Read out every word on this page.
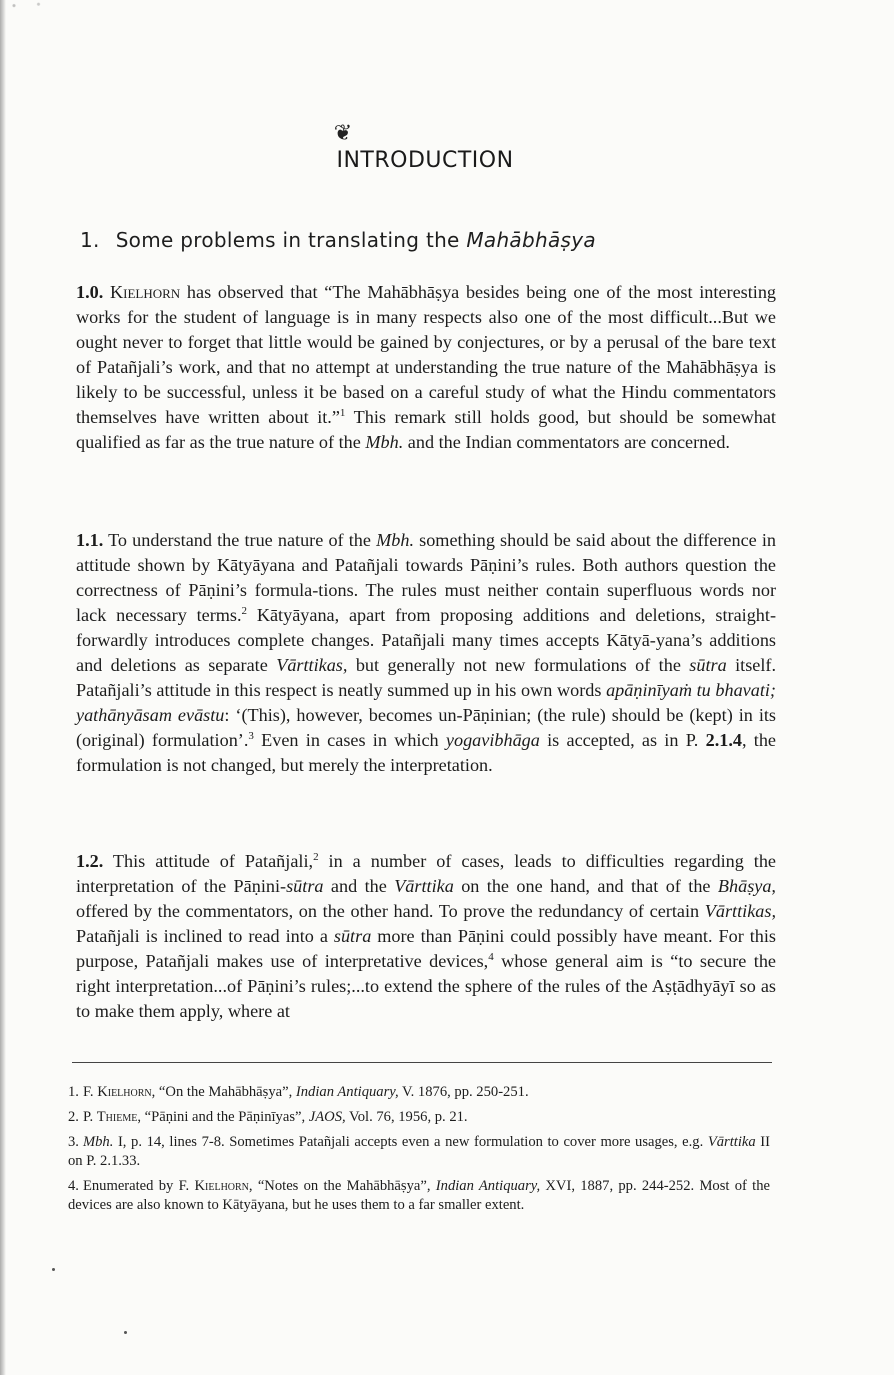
❦
INTRODUCTION
1. Some problems in translating the Mahābhāṣya

1.0. Kielhorn has observed that “The Mahābhāṣya besides being one of the most interesting works for the student of language is in many respects also one of the most difficult...But we ought never to forget that little would be gained by conjectures, or by a perusal of the bare text of Patañjali’s work, and that no attempt at understanding the true nature of the Mahābhāṣya is likely to be successful, unless it be based on a careful study of what the Hindu commentators themselves have written about it.”$^1$ This remark still holds good, but should be somewhat qualified as far as the true nature of the Mbh. and the Indian commentators are concerned.

1.1. To understand the true nature of the Mbh. something should be said about the difference in attitude shown by Kātyāyana and Patañjali towards Pāṇini’s rules. Both authors question the correctness of Pāṇini’s formula-tions. The rules must neither contain superfluous words nor lack necessary terms.$^2$ Kātyāyana, apart from proposing additions and deletions, straight-forwardly introduces complete changes. Patañjali many times accepts Kātyā-yana’s additions and deletions as separate Vārttikas, but generally not new formulations of the sūtra itself. Patañjali’s attitude in this respect is neatly summed up in his own words apāṇinīyaṁ tu bhavati; yathānyāsam evāstu: ‘(This), however, becomes un-Pāṇinian; (the rule) should be (kept) in its (original) formulation’.$^3$ Even in cases in which yogavibhāga is accepted, as in P. 2.1.4, the formulation is not changed, but merely the interpretation.

1.2. This attitude of Patañjali,$^2$ in a number of cases, leads to difficulties regarding the interpretation of the Pāṇini-sūtra and the Vārttika on the one hand, and that of the Bhāṣya, offered by the commentators, on the other hand. To prove the redundancy of certain Vārttikas, Patañjali is inclined to read into a sūtra more than Pāṇini could possibly have meant. For this purpose, Patañjali makes use of interpretative devices,$^4$ whose general aim is “to secure the right interpretation...of Pāṇini’s rules;...to extend the sphere of the rules of the Aṣṭādhyāyī so as to make them apply, where at

1. F. Kielhorn, “On the Mahābhāṣya”, Indian Antiquary, V. 1876, pp. 250-251.
2. P. Thieme, “Pāṇini and the Pāṇinīyas”, JAOS, Vol. 76, 1956, p. 21.
3. Mbh. I, p. 14, lines 7-8. Sometimes Patañjali accepts even a new formulation to cover more usages, e.g. Vārttika II on P. 2.1.33.
4. Enumerated by F. Kielhorn, “Notes on the Mahābhāṣya”, Indian Antiquary, XVI, 1887, pp. 244-252. Most of the devices are also known to Kātyāyana, but he uses them to a far smaller extent.
